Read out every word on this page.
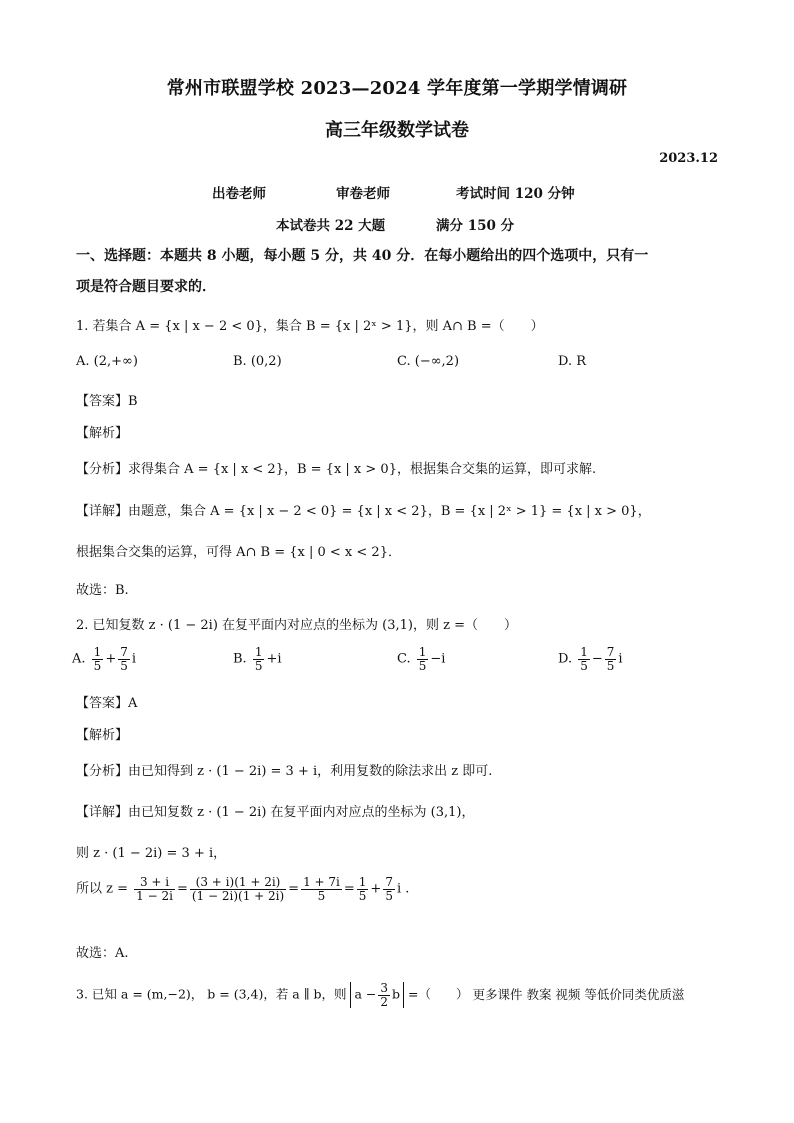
常州市联盟学校 2023—2024 学年度第一学期学情调研
高三年级数学试卷
2023.12
出卷老师	审卷老师	考试时间 120 分钟
本试卷共 22 大题	满分 150 分
一、选择题：本题共 8 小题，每小题 5 分，共 40 分．在每小题给出的四个选项中，只有一
项是符合题目要求的．
1. 若集合 A = {x | x − 2 < 0}，集合 B = {x | 2ˣ > 1}，则 A∩ B =（　　）
A. (2,+∞)	B. (0,2)	C. (−∞,2)	D. R
【答案】B
【解析】
【分析】求得集合 A = {x | x < 2}，B = {x | x > 0}，根据集合交集的运算，即可求解.
【详解】由题意，集合 A = {x | x − 2 < 0} = {x | x < 2}，B = {x | 2ˣ > 1} = {x | x > 0}，
根据集合交集的运算，可得 A∩ B = {x | 0 < x < 2}．
故选：B.
2. 已知复数 z · (1 − 2i) 在复平面内对应点的坐标为 (3,1)，则 z =（　　）
A. $\frac{1}{5} + \frac{7}{5}$ i	B. $\frac{1}{5} +i$	C. $\frac{1}{5} -i$	D. $\frac{1}{5} - \frac{7}{5}$ i
【答案】A
【解析】
【分析】由已知得到 z · (1 − 2i) = 3 + i，利用复数的除法求出 z 即可.
【详解】由已知复数 z · (1 − 2i) 在复平面内对应点的坐标为 (3,1)，
则 z · (1 − 2i) = 3 + i，
所以 $z = \frac{3 + i}{1 - 2i} = \frac{(3 + i)(1 + 2i)}{(1 - 2i)(1 + 2i)} = \frac{1 + 7i}{5} = \frac{1}{5} + \frac{7}{5}$ i .
故选：A.
3. 已知 a = (m,−2)， b = (3,4)，若 a ∥ b，则 $a - \frac{3}{2}$ b =（　　） 更多课件 教案 视频 等低价同类优质滋
